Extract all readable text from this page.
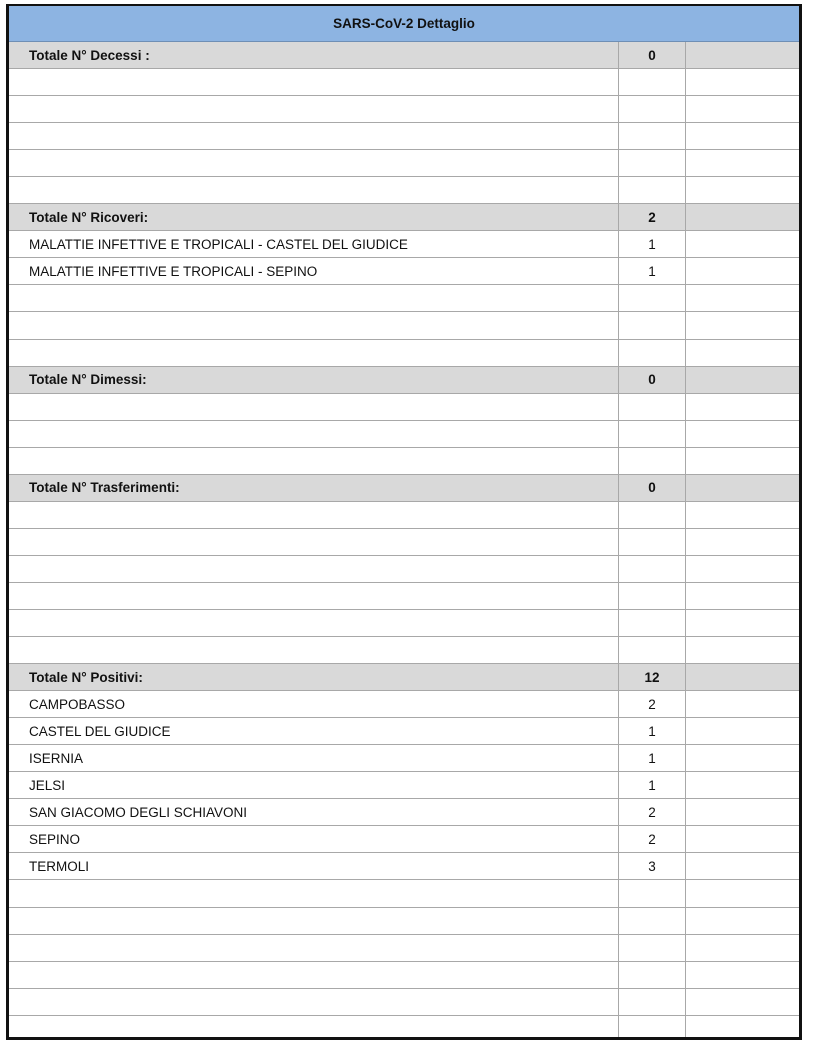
SARS-CoV-2 Dettaglio
Totale N° Decessi :	0
Totale N° Ricoveri:	2
MALATTIE INFETTIVE E TROPICALI - CASTEL DEL GIUDICE	1
MALATTIE INFETTIVE E TROPICALI - SEPINO	1
Totale N° Dimessi:	0
Totale N° Trasferimenti:	0
Totale N° Positivi:	12
CAMPOBASSO	2
CASTEL DEL GIUDICE	1
ISERNIA	1
JELSI	1
SAN GIACOMO DEGLI SCHIAVONI	2
SEPINO	2
TERMOLI	3
